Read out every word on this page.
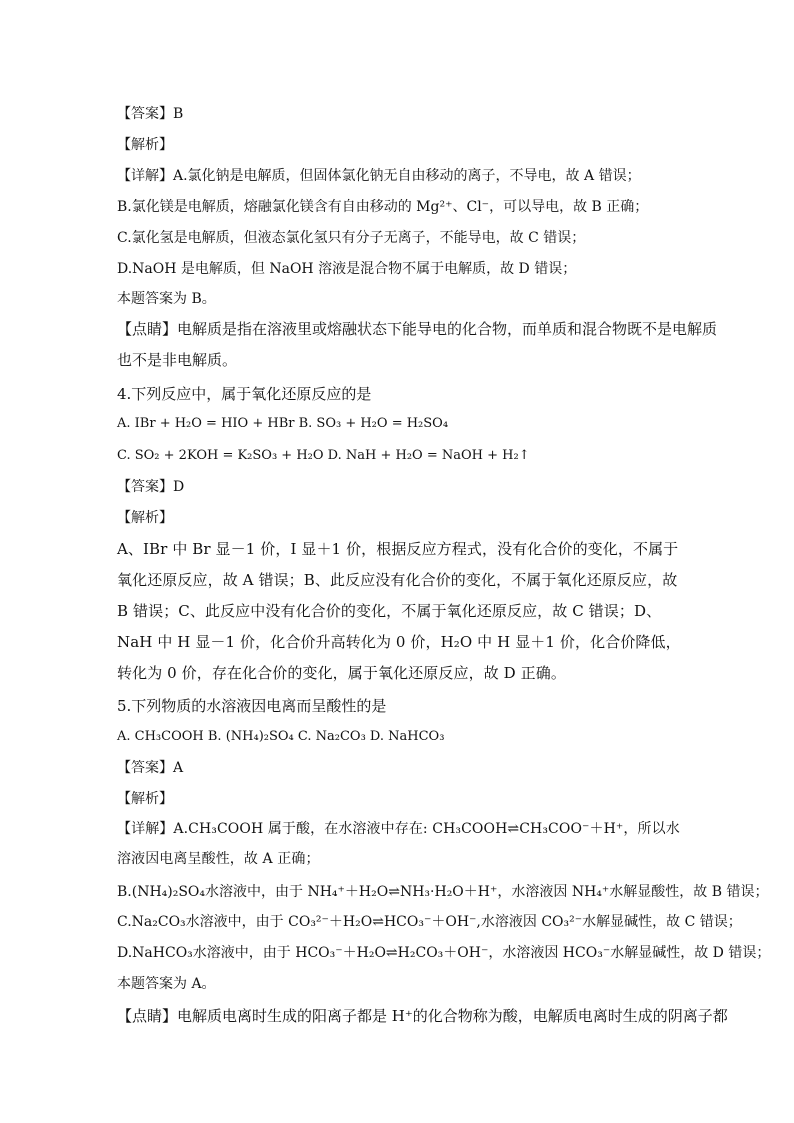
【答案】B
【解析】
【详解】A.氯化钠是电解质，但固体氯化钠无自由移动的离子，不导电，故 A 错误；
B.氯化镁是电解质，熔融氯化镁含有自由移动的 Mg²⁺、Cl⁻，可以导电，故 B 正确；
C.氯化氢是电解质，但液态氯化氢只有分子无离子，不能导电，故 C 错误；
D.NaOH 是电解质，但 NaOH 溶液是混合物不属于电解质，故 D 错误；
本题答案为 B。
【点睛】电解质是指在溶液里或熔融状态下能导电的化合物，而单质和混合物既不是电解质
也不是非电解质。
4.下列反应中，属于氧化还原反应的是
A. IBr + H₂O = HIO + HBr B. SO₃ + H₂O = H₂SO₄
C. SO₂ + 2KOH = K₂SO₃ + H₂O D. NaH + H₂O = NaOH + H₂↑
【答案】D
【解析】
A、IBr 中 Br 显－1 价，I 显＋1 价，根据反应方程式，没有化合价的变化，不属于氧化还原反应，故 A 错误；B、此反应没有化合价的变化，不属于氧化还原反应，故 B 错误；C、此反应中没有化合价的变化，不属于氧化还原反应，故 C 错误；D、NaH 中 H 显－1 价，化合价升高转化为 0 价，H₂O 中 H 显＋1 价，化合价降低，转化为 0 价，存在化合价的变化，属于氧化还原反应，故 D 正确。
5.下列物质的水溶液因电离而呈酸性的是
A. CH₃COOH B. (NH₄)₂SO₄ C. Na₂CO₃ D. NaHCO₃
【答案】A
【解析】
【详解】A.CH₃COOH 属于酸，在水溶液中存在: CH₃COOH⇌CH₃COO⁻＋H⁺，所以水溶液因电离呈酸性，故 A 正确；
B.(NH₄)₂SO₄水溶液中，由于 NH₄⁺＋H₂O⇌NH₃·H₂O＋H⁺，水溶液因 NH₄⁺水解显酸性，故 B 错误；
C.Na₂CO₃水溶液中，由于 CO₃²⁻＋H₂O⇌HCO₃⁻＋OH⁻,水溶液因 CO₃²⁻水解显碱性，故 C 错误；
D.NaHCO₃水溶液中，由于 HCO₃⁻＋H₂O⇌H₂CO₃＋OH⁻，水溶液因 HCO₃⁻水解显碱性，故 D 错误；
本题答案为 A。
【点睛】电解质电离时生成的阳离子都是 H⁺的化合物称为酸，电解质电离时生成的阴离子都
